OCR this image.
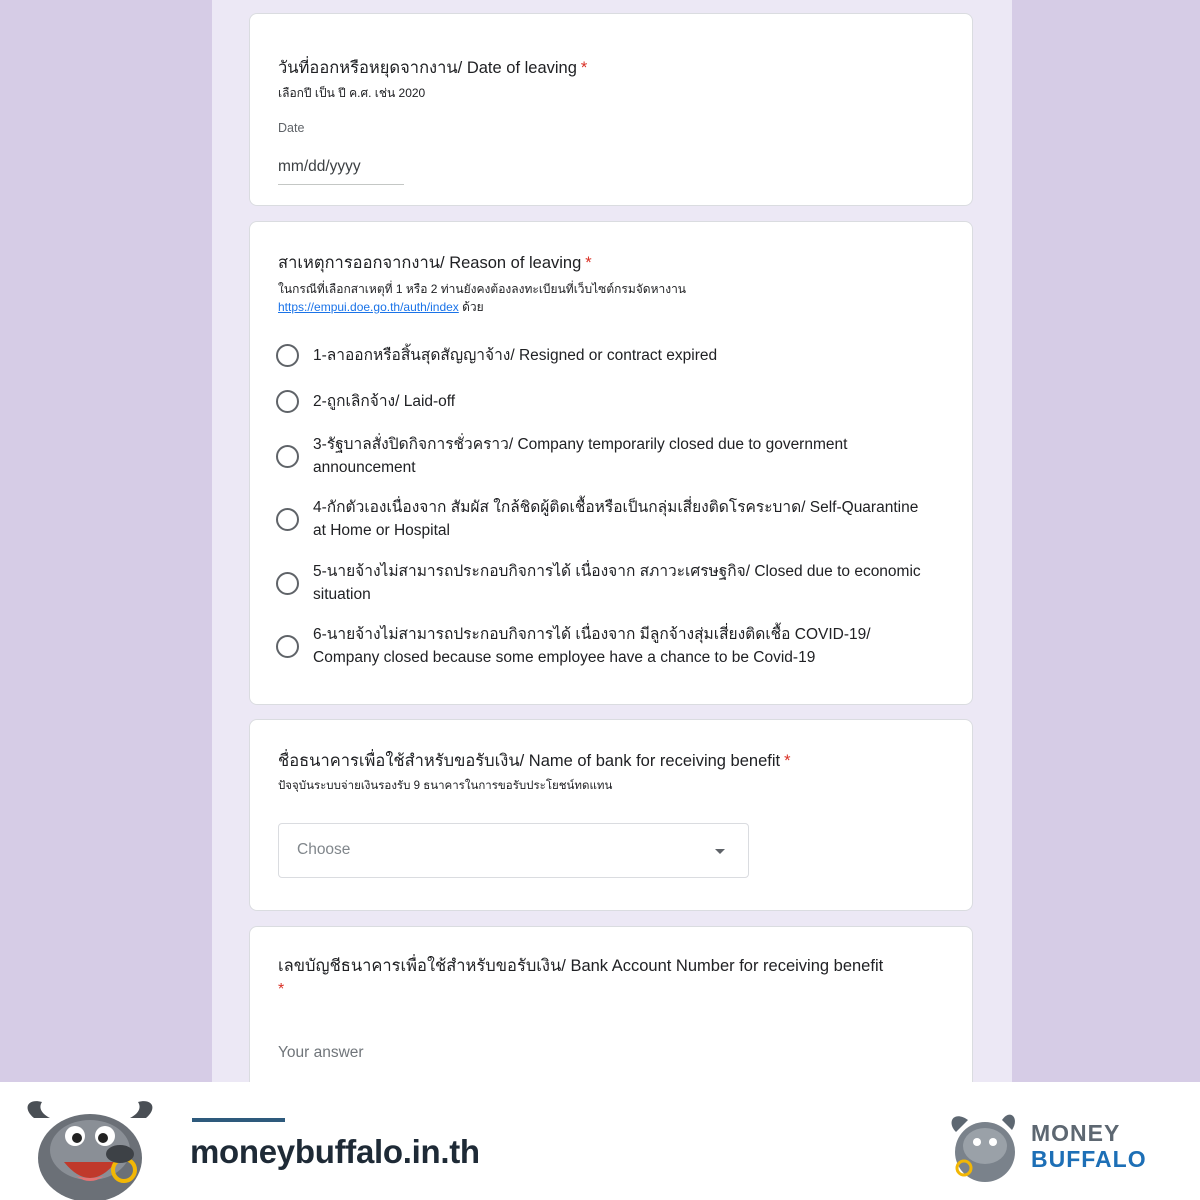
วันที่ออกหรือหยุดจากงาน/ Date of leaving *
เลือกปี เป็น ปี ค.ศ. เช่น 2020
Date
mm/dd/yyyy
สาเหตุการออกจากงาน/ Reason of leaving *
ในกรณีที่เลือกสาเหตุที่ 1 หรือ 2 ท่านยังคงต้องลงทะเบียนที่เว็บไซต์กรมจัดหางาน
https://empui.doe.go.th/auth/index ด้วย
1-ลาออกหรือสิ้นสุดสัญญาจ้าง/ Resigned or contract expired
2-ถูกเลิกจ้าง/ Laid-off
3-รัฐบาลสั่งปิดกิจการชั่วคราว/ Company temporarily closed due to government announcement
4-กักตัวเองเนื่องจาก สัมผัส ใกล้ชิดผู้ติดเชื้อหรือเป็นกลุ่มเสี่ยงติดโรคระบาด/ Self-Quarantine at Home or Hospital
5-นายจ้างไม่สามารถประกอบกิจการได้ เนื่องจาก สภาวะเศรษฐกิจ/ Closed due to economic situation
6-นายจ้างไม่สามารถประกอบกิจการได้ เนื่องจาก มีลูกจ้างสุ่มเสี่ยงติดเชื้อ COVID-19/ Company closed because some employee have a chance to be Covid-19
ชื่อธนาคารเพื่อใช้สำหรับขอรับเงิน/ Name of bank for receiving benefit *
ปัจจุบันระบบจ่ายเงินรองรับ 9 ธนาคารในการขอรับประโยชน์ทดแทน
Choose
เลขบัญชีธนาคารเพื่อใช้สำหรับขอรับเงิน/ Bank Account Number for receiving benefit
*
Your answer
moneybuffalo.in.th	MONEY
BUFFALO
